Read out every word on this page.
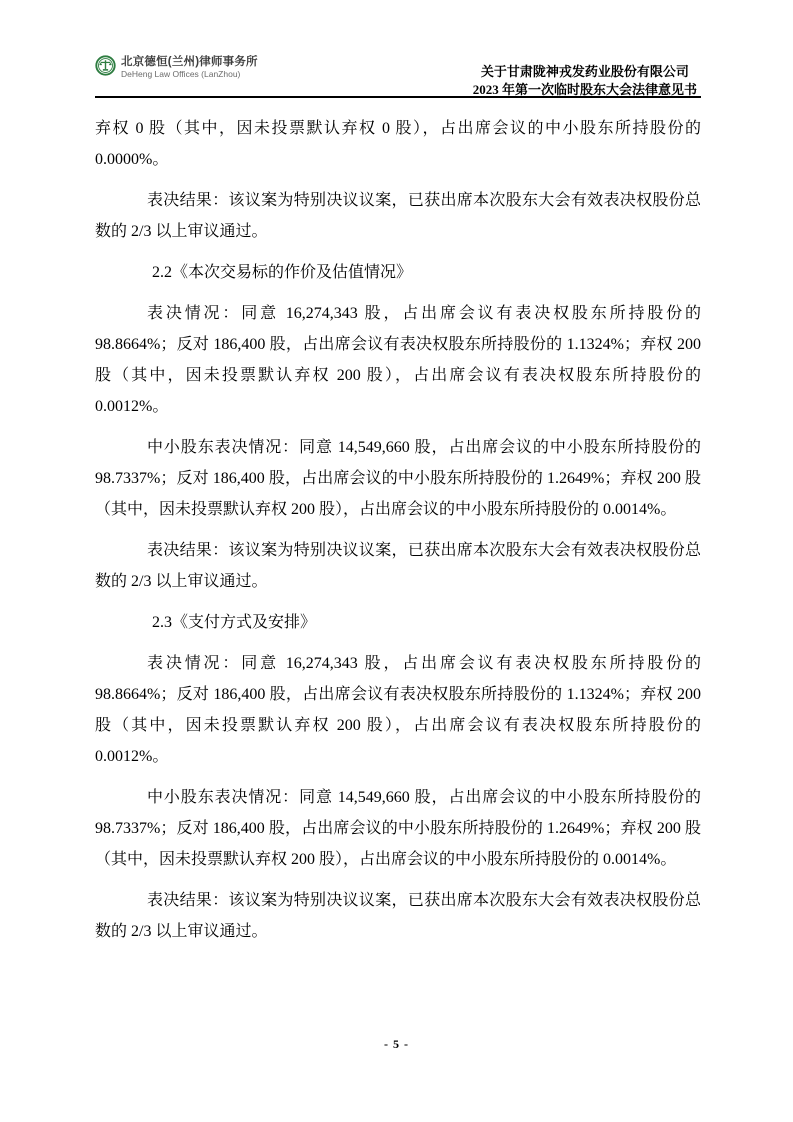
北京德恒(兰州)律师事务所
DeHeng Law Offices (LanZhou)	关于甘肃陇神戎发药业股份有限公司
2023 年第一次临时股东大会法律意见书

弃权 0 股（其中，因未投票默认弃权 0 股），占出席会议的中小股东所持股份的 0.0000%。

表决结果：该议案为特别决议议案，已获出席本次股东大会有效表决权股份总数的 2/3 以上审议通过。

2.2《本次交易标的作价及估值情况》

表决情况：同意 16,274,343 股，占出席会议有表决权股东所持股份的 98.8664%；反对 186,400 股，占出席会议有表决权股东所持股份的 1.1324%；弃权 200 股（其中，因未投票默认弃权 200 股），占出席会议有表决权股东所持股份的 0.0012%。

中小股东表决情况：同意 14,549,660 股，占出席会议的中小股东所持股份的 98.7337%；反对 186,400 股，占出席会议的中小股东所持股份的 1.2649%；弃权 200 股（其中，因未投票默认弃权 200 股），占出席会议的中小股东所持股份的 0.0014%。

表决结果：该议案为特别决议议案，已获出席本次股东大会有效表决权股份总数的 2/3 以上审议通过。

2.3《支付方式及安排》

表决情况：同意 16,274,343 股，占出席会议有表决权股东所持股份的 98.8664%；反对 186,400 股，占出席会议有表决权股东所持股份的 1.1324%；弃权 200 股（其中，因未投票默认弃权 200 股），占出席会议有表决权股东所持股份的 0.0012%。

中小股东表决情况：同意 14,549,660 股，占出席会议的中小股东所持股份的 98.7337%；反对 186,400 股，占出席会议的中小股东所持股份的 1.2649%；弃权 200 股（其中，因未投票默认弃权 200 股），占出席会议的中小股东所持股份的 0.0014%。

表决结果：该议案为特别决议议案，已获出席本次股东大会有效表决权股份总数的 2/3 以上审议通过。

- 5 -
